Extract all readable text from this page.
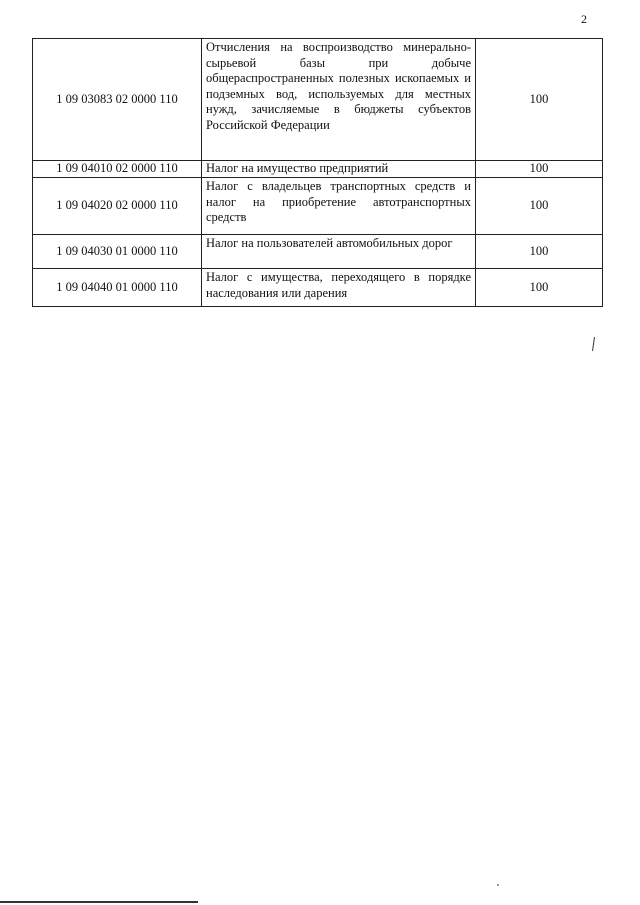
2
1 09 03083 02 0000 110	Отчисления на воспроизводство минерально-сырьевой базы при добыче общераспространенных полезных ископаемых и подземных вод, используемых для местных нужд, зачисляемые в бюджеты субъектов Российской Федерации	100
1 09 04010 02 0000 110	Налог на имущество предприятий	100
1 09 04020 02 0000 110	Налог с владельцев транспортных средств и налог на приобретение автотранспортных средств	100
1 09 04030 01 0000 110	Налог на пользователей автомобильных дорог	100
1 09 04040 01 0000 110	Налог с имущества, переходящего в порядке наследования или дарения	100
